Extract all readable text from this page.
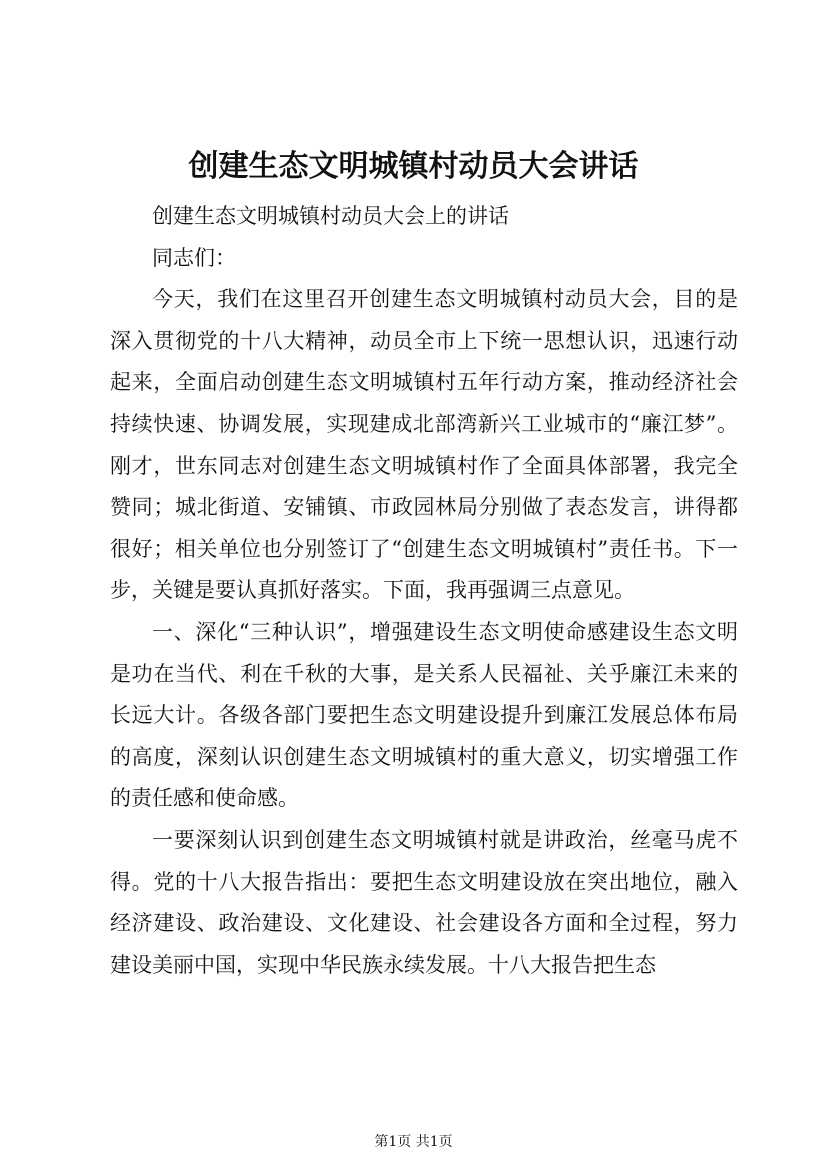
创建生态文明城镇村动员大会讲话

创建生态文明城镇村动员大会上的讲话

同志们：

今天，我们在这里召开创建生态文明城镇村动员大会，目的是深入贯彻党的十八大精神，动员全市上下统一思想认识，迅速行动起来，全面启动创建生态文明城镇村五年行动方案，推动经济社会持续快速、协调发展，实现建成北部湾新兴工业城市的“廉江梦”。刚才，世东同志对创建生态文明城镇村作了全面具体部署，我完全赞同；城北街道、安铺镇、市政园林局分别做了表态发言，讲得都很好；相关单位也分别签订了“创建生态文明城镇村”责任书。下一步，关键是要认真抓好落实。下面，我再强调三点意见。

一、深化“三种认识”，增强建设生态文明使命感建设生态文明是功在当代、利在千秋的大事，是关系人民福祉、关乎廉江未来的长远大计。各级各部门要把生态文明建设提升到廉江发展总体布局的高度，深刻认识创建生态文明城镇村的重大意义，切实增强工作的责任感和使命感。

一要深刻认识到创建生态文明城镇村就是讲政治，丝毫马虎不得。党的十八大报告指出：要把生态文明建设放在突出地位，融入经济建设、政治建设、文化建设、社会建设各方面和全过程，努力建设美丽中国，实现中华民族永续发展。十八大报告把生态

第1页 共1页
